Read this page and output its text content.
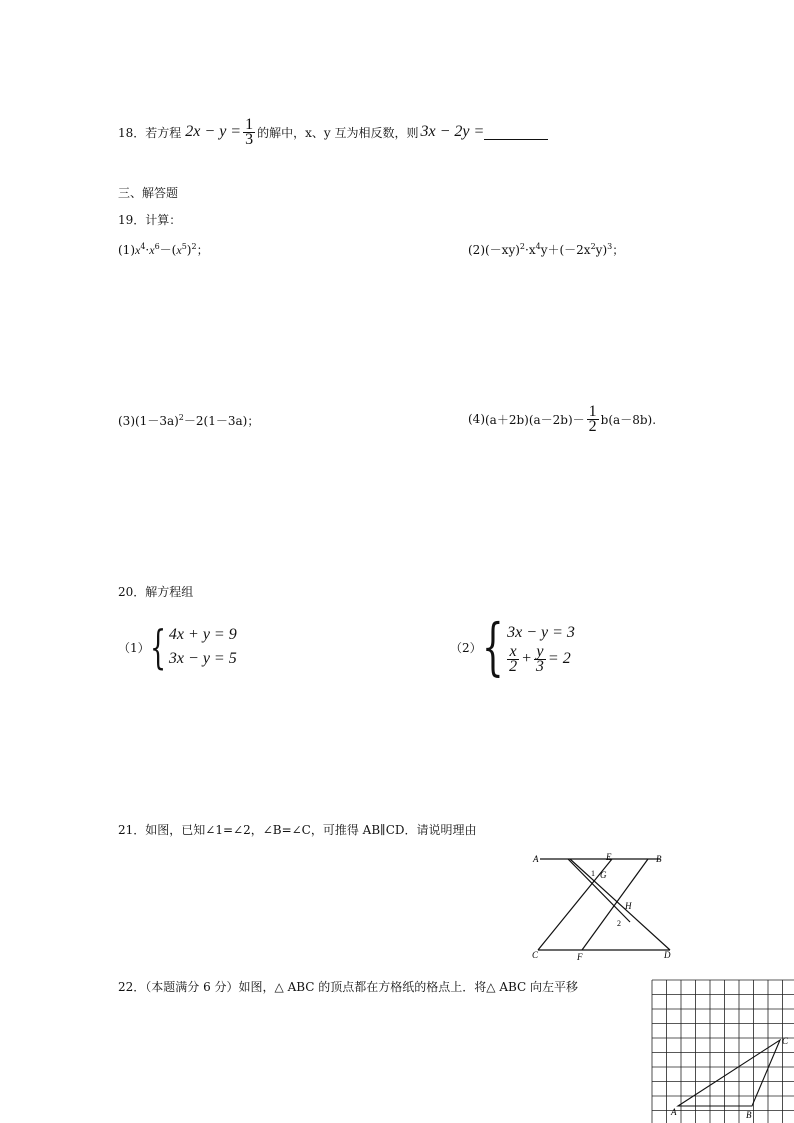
18． 若方程 $2x - y = \frac{1}{3}$ 的解中，x、y 互为相反数，则 3x − 2y =
三、解答题
19．计算：
$(1)x^4\cdot x^6-(x^5)^2$；	$(2)(-xy)^2\cdot x^4y+(-2x^2y)^3$；
$(3)(1-3a)^2-2(1-3a)$；	(4) $(a+2b)(a-2b)- \frac{1}{2} b(a-8b)$.
20．解方程组
（1） { 4x + y = 9
3x − y = 5
（2） { 3x − y = 3
$\frac{x}{2} + \frac{y}{3} = 2$
21．如图，已知∠1=∠2，∠B=∠C，可推得 AB∥CD．请说明理由
A	E	B
G
1
H
2
C	F	D
22．（本题满分 6 分）如图，△ ABC 的顶点都在方格纸的格点上．将△ ABC 向左平移
A	B
C
